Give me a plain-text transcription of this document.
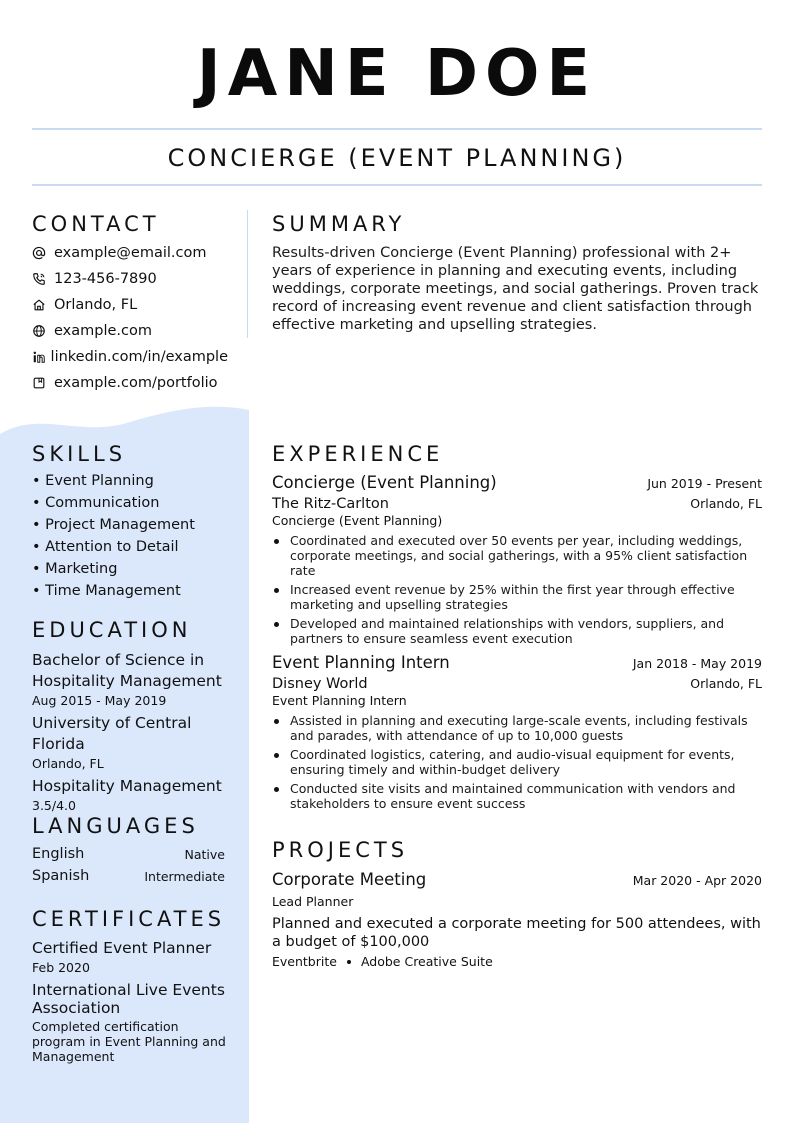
JANE DOE
CONCIERGE (EVENT PLANNING)
CONTACT
example@email.com
123-456-7890
Orlando, FL
example.com
linkedin.com/in/example
example.com/portfolio
SKILLS
• Event Planning
• Communication
• Project Management
• Attention to Detail
• Marketing
• Time Management
EDUCATION
Bachelor of Science in Hospitality Management
Aug 2015 - May 2019
University of Central Florida
Orlando, FL
Hospitality Management
3.5/4.0
LANGUAGES
English	Native
Spanish	Intermediate
CERTIFICATES
Certified Event Planner
Feb 2020
International Live Events Association
Completed certification program in Event Planning and Management
SUMMARY
Results-driven Concierge (Event Planning) professional with 2+ years of experience in planning and executing events, including weddings, corporate meetings, and social gatherings. Proven track record of increasing event revenue and client satisfaction through effective marketing and upselling strategies.
EXPERIENCE
Concierge (Event Planning)	Jun 2019 - Present
The Ritz-Carlton	Orlando, FL
Concierge (Event Planning)
Coordinated and executed over 50 events per year, including weddings, corporate meetings, and social gatherings, with a 95% client satisfaction rate
Increased event revenue by 25% within the first year through effective marketing and upselling strategies
Developed and maintained relationships with vendors, suppliers, and partners to ensure seamless event execution
Event Planning Intern	Jan 2018 - May 2019
Disney World	Orlando, FL
Event Planning Intern
Assisted in planning and executing large-scale events, including festivals and parades, with attendance of up to 10,000 guests
Coordinated logistics, catering, and audio-visual equipment for events, ensuring timely and within-budget delivery
Conducted site visits and maintained communication with vendors and stakeholders to ensure event success
PROJECTS
Corporate Meeting	Mar 2020 - Apr 2020
Lead Planner
Planned and executed a corporate meeting for 500 attendees, with a budget of $100,000
Eventbrite Adobe Creative Suite
